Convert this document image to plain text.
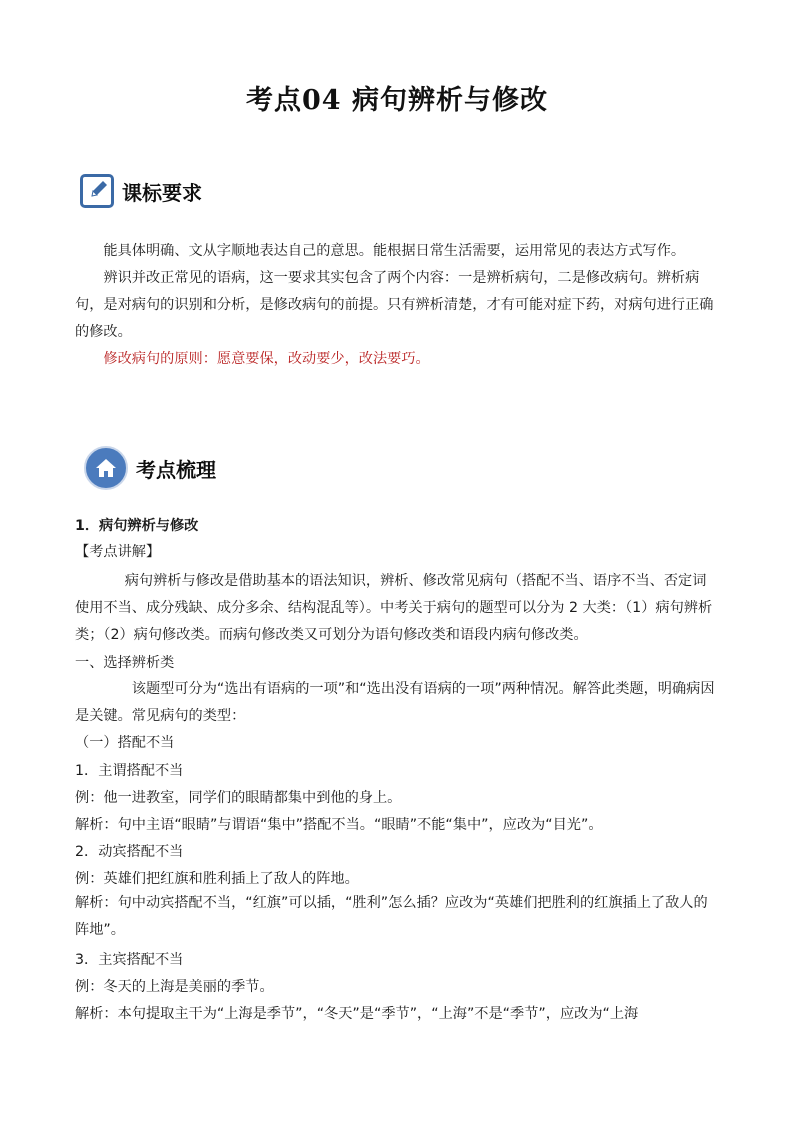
考点04 病句辨析与修改
课标要求
能具体明确、文从字顺地表达自己的意思。能根据日常生活需要，运用常见的表达方式写作。
辨识并改正常见的语病，这一要求其实包含了两个内容：一是辨析病句，二是修改病句。辨析病句，是对病句的识别和分析，是修改病句的前提。只有辨析清楚，才有可能对症下药，对病句进行正确的修改。
修改病句的原则：愿意要保，改动要少，改法要巧。
考点梳理
1．病句辨析与修改
【考点讲解】
病句辨析与修改是借助基本的语法知识，辨析、修改常见病句（搭配不当、语序不当、否定词使用不当、成分残缺、成分多余、结构混乱等）。中考关于病句的题型可以分为 2 大类：（1）病句辨析类；（2）病句修改类。而病句修改类又可划分为语句修改类和语段内病句修改类。
一、选择辨析类
该题型可分为“选出有语病的一项”和“选出没有语病的一项”两种情况。解答此类题，明确病因是关键。常见病句的类型：
（一）搭配不当
1．主谓搭配不当
例：他一进教室，同学们的眼睛都集中到他的身上。
解析：句中主语“眼睛”与谓语“集中”搭配不当。“眼睛”不能“集中”，应改为“目光”。
2．动宾搭配不当
例：英雄们把红旗和胜利插上了敌人的阵地。
解析：句中动宾搭配不当，“红旗”可以插，“胜利”怎么插？应改为“英雄们把胜利的红旗插上了敌人的阵地”。
3．主宾搭配不当
例：冬天的上海是美丽的季节。
解析：本句提取主干为“上海是季节”，“冬天”是“季节”，“上海”不是“季节”，应改为“上海
